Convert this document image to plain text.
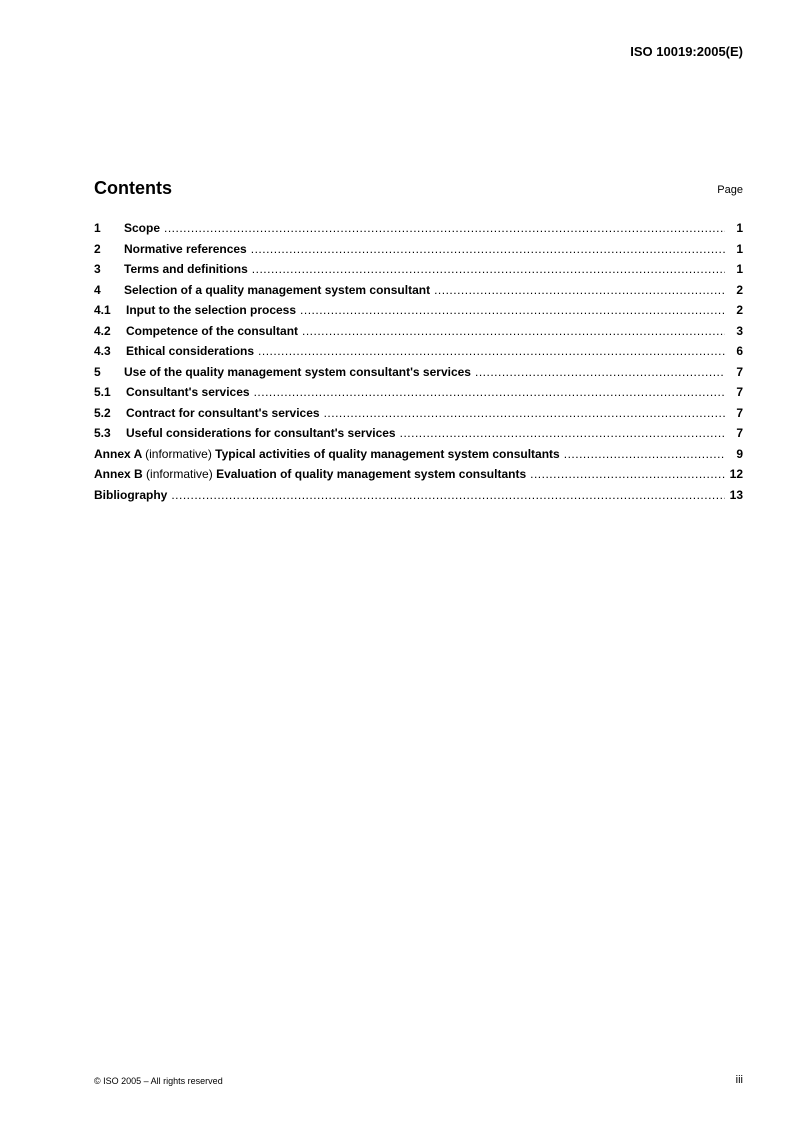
ISO 10019:2005(E)
Contents	Page
1	Scope .....	1
2	Normative references .....	1
3	Terms and definitions .....	1
4	Selection of a quality management system consultant .....	2
4.1	Input to the selection process .....	2
4.2	Competence of the consultant .....	3
4.3	Ethical considerations .....	6
5	Use of the quality management system consultant's services .....	7
5.1	Consultant's services .....	7
5.2	Contract for consultant's services .....	7
5.3	Useful considerations for consultant's services .....	7
Annex A (informative) Typical activities of quality management system consultants .....	9
Annex B (informative) Evaluation of quality management system consultants .....	12
Bibliography .....	13
© ISO 2005 – All rights reserved	iii
